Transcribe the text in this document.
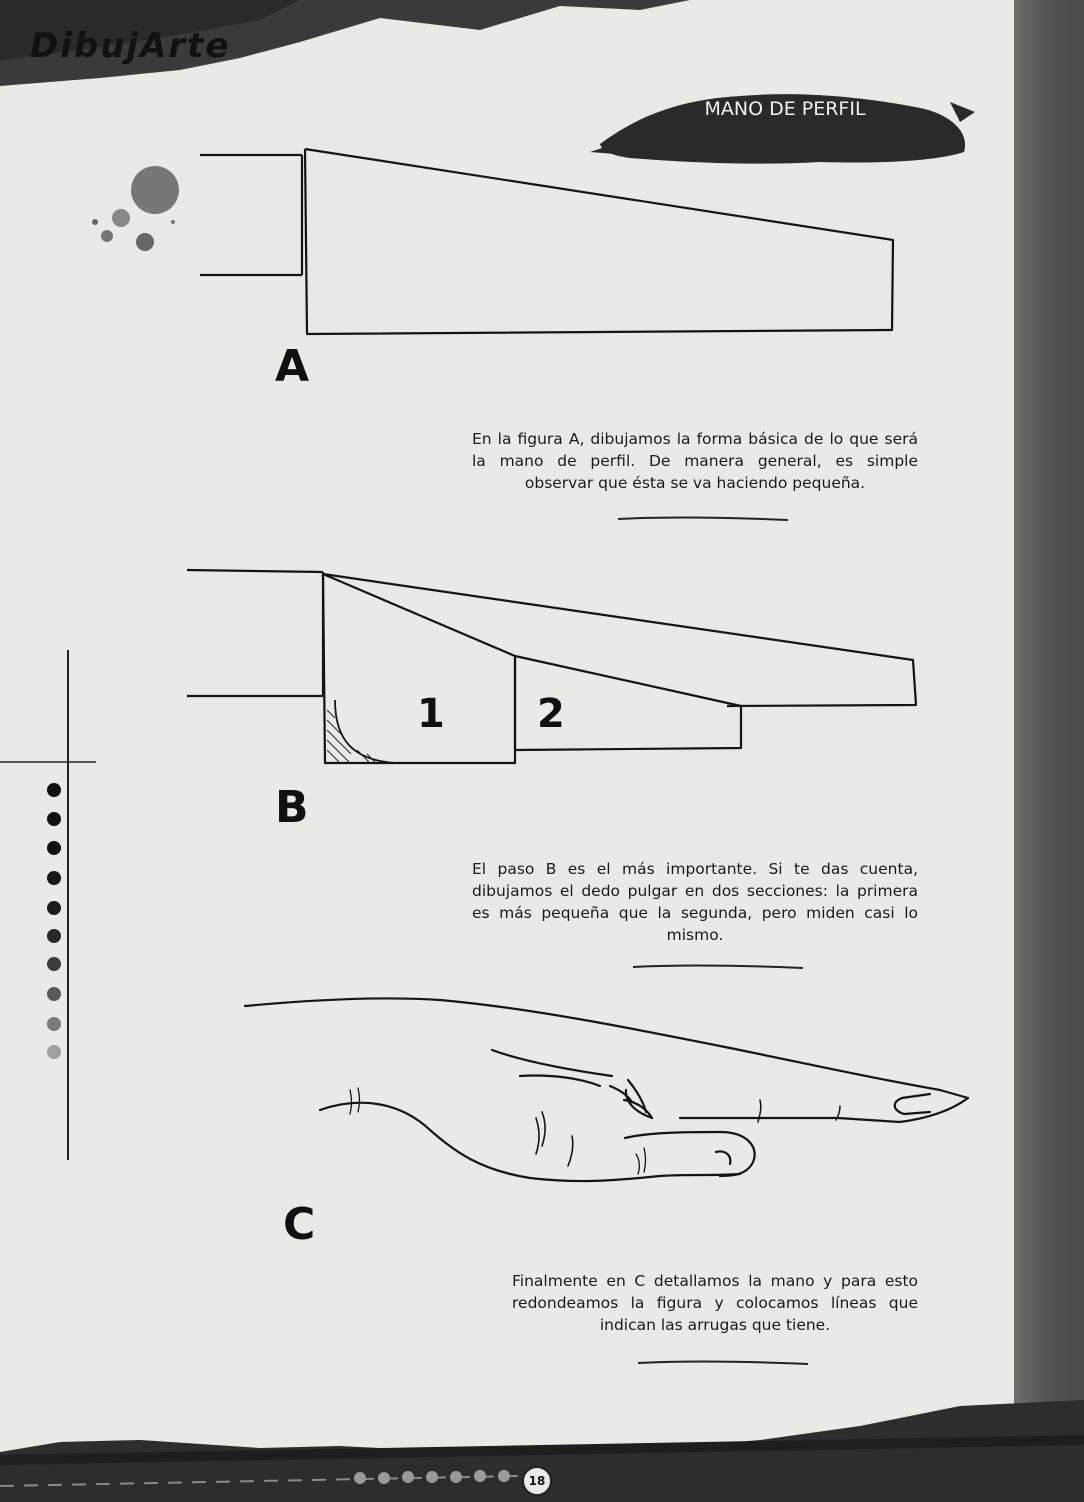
DibujArte
MANO DE PERFIL
A
En la figura A, dibujamos la forma básica de lo que será la mano de perfil. De manera general, es simple observar que ésta se va haciendo pequeña.
1 2
B
El paso B es el más importante. Si te das cuenta, dibujamos el dedo pulgar en dos secciones: la primera es más pequeña que la segunda, pero miden casi lo mismo.
C
Finalmente en C detallamos la mano y para esto redondeamos la figura y colocamos líneas que indican las arrugas que tiene.
18
